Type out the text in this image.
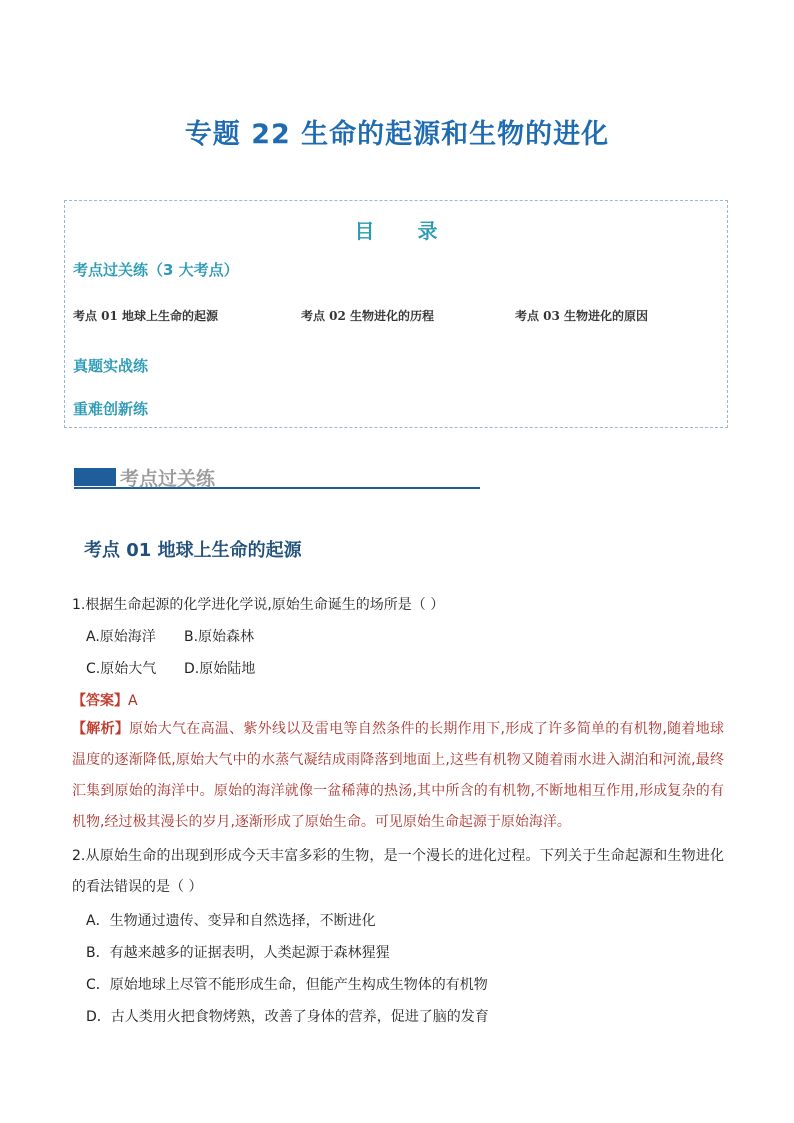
专题 22 生命的起源和生物的进化
目 录
考点过关练（3 大考点）
考点 01 地球上生命的起源	考点 02 生物进化的历程	考点 03 生物进化的原因
真题实战练
重难创新练
考点过关练
考点 01 地球上生命的起源
1.根据生命起源的化学进化学说,原始生命诞生的场所是（ ）
A.原始海洋 B.原始森林
C.原始大气 D.原始陆地
【答案】A
【解析】原始大气在高温、紫外线以及雷电等自然条件的长期作用下,形成了许多简单的有机物,随着地球温度的逐渐降低,原始大气中的水蒸气凝结成雨降落到地面上,这些有机物又随着雨水进入湖泊和河流,最终汇集到原始的海洋中。原始的海洋就像一盆稀薄的热汤,其中所含的有机物,不断地相互作用,形成复杂的有机物,经过极其漫长的岁月,逐渐形成了原始生命。可见原始生命起源于原始海洋。
2.从原始生命的出现到形成今天丰富多彩的生物，是一个漫长的进化过程。下列关于生命起源和生物进化的看法错误的是（ ）
A．生物通过遗传、变异和自然选择，不断进化
B．有越来越多的证据表明，人类起源于森林猩猩
C．原始地球上尽管不能形成生命，但能产生构成生物体的有机物
D．古人类用火把食物烤熟，改善了身体的营养，促进了脑的发育
